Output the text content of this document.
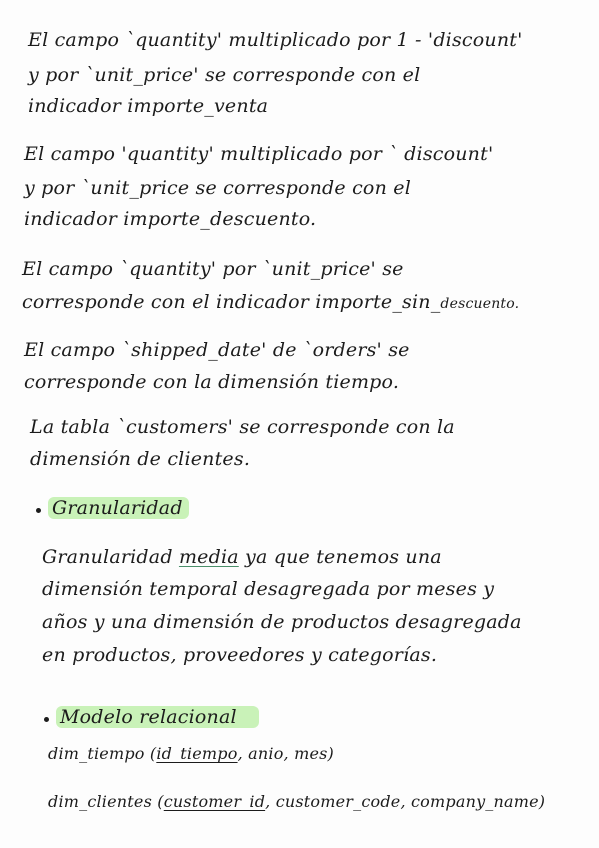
El campo `quantity' multiplicado por 1 - 'discount'
y por `unit_price' se corresponde con el
indicador importe_venta
El campo 'quantity' multiplicado por ` discount'
y por `unit_price se corresponde con el
indicador importe_descuento.
El campo `quantity' por `unit_price' se
corresponde con el indicador importe_sin_descuento.
El campo `shipped_date' de `orders' se
corresponde con la dimensión tiempo.
La tabla `customers' se corresponde con la
dimensión de clientes.
Granularidad
Granularidad media ya que tenemos una
dimensión temporal desagregada por meses y
años y una dimensión de productos desagregada
en productos, proveedores y categorías.
Modelo relacional
dim_tiempo (id_tiempo, anio, mes)
dim_clientes (customer_id, customer_code, company_name)
